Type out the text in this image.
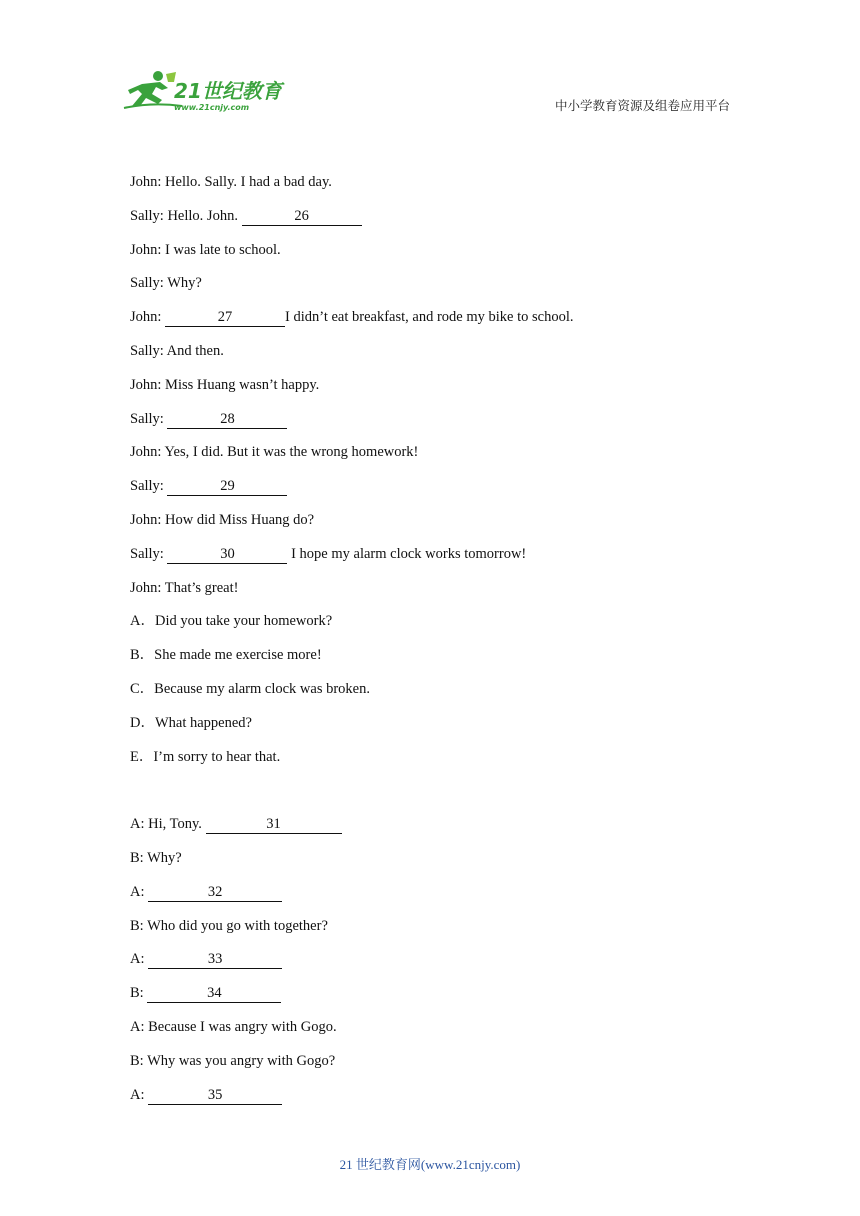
21世纪教育
www.21cnjy.com	中小学教育资源及组卷应用平台
John: Hello. Sally. I had a bad day.
Sally: Hello. John.	26
John: I was late to school.
Sally: Why?
John:	27	I didn’t eat breakfast, and rode my bike to school.
Sally: And then.
John: Miss Huang wasn’t happy.
Sally:	28
John: Yes, I did. But it was the wrong homework!
Sally:	29
John: How did Miss Huang do?
Sally:	30	I hope my alarm clock works tomorrow!
John: That’s great!
A．Did you take your homework?
B．She made me exercise more!
C．Because my alarm clock was broken.
D．What happened?
E．I’m sorry to hear that.
A: Hi, Tony.	31
B: Why?
A:	32
B: Who did you go with together?
A:	33
B:	34
A: Because I was angry with Gogo.
B: Why was you angry with Gogo?
A:	35
21 世纪教育网(www.21cnjy.com)
